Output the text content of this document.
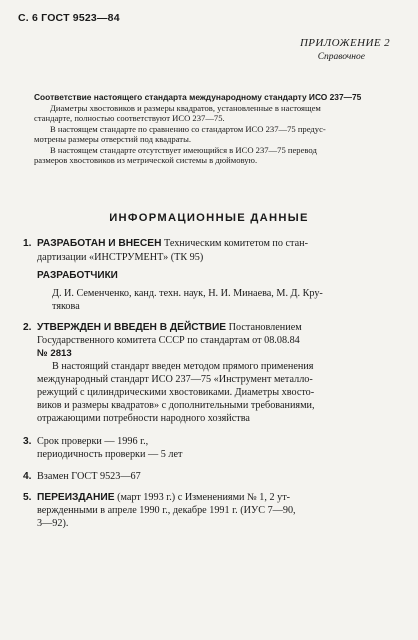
С. 6 ГОСТ 9523—84
ПРИЛОЖЕНИЕ 2
Справочное
Соответствие настоящего стандарта международному стандарту ИСО 237—75
Диаметры хвостовиков и размеры квадратов, установленные в настоящем
стандарте, полностью соответствуют ИСО 237—75.
В настоящем стандарте по сравнению со стандартом ИСО 237—75 предус-
мотрены размеры отверстий под квадраты.
В настоящем стандарте отсутствует имеющийся в ИСО 237—75 перевод
размеров хвостовиков из метрической системы в дюймовую.
ИНФОРМАЦИОННЫЕ ДАННЫЕ
1. РАЗРАБОТАН И ВНЕСЕН Техническим комитетом по стан-
дартизации «ИНСТРУМЕНТ» (ТК 95)
РАЗРАБОТЧИКИ
Д. И. Семенченко, канд. техн. наук, Н. И. Минаева, М. Д. Кру-
тякова
2. УТВЕРЖДЕН И ВВЕДЕН В ДЕЙСТВИЕ Постановлением
Государственного комитета СССР по стандартам от 08.08.84
№ 2813
В настоящий стандарт введен методом прямого применения
международный стандарт ИСО 237—75 «Инструмент металло-
режущий с цилиндрическими хвостовиками. Диаметры хвосто-
виков и размеры квадратов» с дополнительными требованиями,
отражающими потребности народного хозяйства
3. Срок проверки — 1996 г.,
периодичность проверки — 5 лет
4. Взамен ГОСТ 9523—67
5. ПЕРЕИЗДАНИЕ (март 1993 г.) с Изменениями № 1, 2 ут-
вержденными в апреле 1990 г., декабре 1991 г. (ИУС 7—90,
3—92).
